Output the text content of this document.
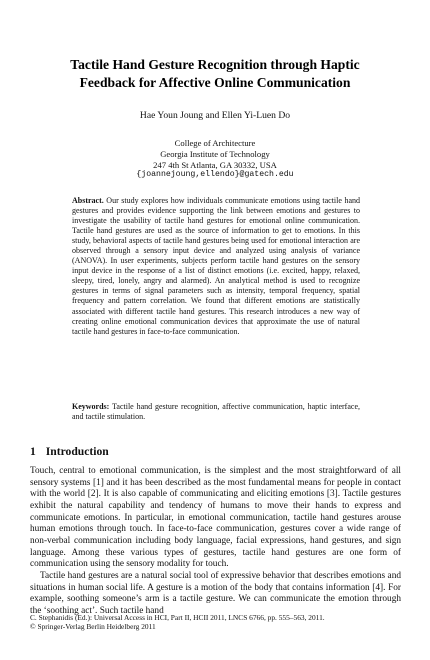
Tactile Hand Gesture Recognition through Haptic
Feedback for Affective Online Communication
Hae Youn Joung and Ellen Yi-Luen Do
College of Architecture
Georgia Institute of Technology
247 4th St Atlanta, GA 30332, USA
{joannejoung,ellendo}@gatech.edu
Abstract. Our study explores how individuals communicate emotions using tactile hand gestures and provides evidence supporting the link between emotions and gestures to investigate the usability of tactile hand gestures for emotional online communication. Tactile hand gestures are used as the source of information to get to emotions. In this study, behavioral aspects of tactile hand gestures being used for emotional interaction are observed through a sensory input device and analyzed using analysis of variance (ANOVA). In user experiments, subjects perform tactile hand gestures on the sensory input device in the response of a list of distinct emotions (i.e. excited, happy, relaxed, sleepy, tired, lonely, angry and alarmed). An analytical method is used to recognize gestures in terms of signal parameters such as intensity, temporal frequency, spatial frequency and pattern correlation. We found that different emotions are statistically associated with different tactile hand gestures. This research introduces a new way of creating online emotional communication devices that approximate the use of natural tactile hand gestures in face-to-face communication.
Keywords: Tactile hand gesture recognition, affective communication, haptic interface, and tactile stimulation.
1 Introduction

Touch, central to emotional communication, is the simplest and the most straightforward of all sensory systems [1] and it has been described as the most fundamental means for people in contact with the world [2]. It is also capable of communicating and eliciting emotions [3]. Tactile gestures exhibit the natural capability and tendency of humans to move their hands to express and communicate emotions. In particular, in emotional communication, tactile hand gestures arouse human emotions through touch. In face-to-face communication, gestures cover a wide range of non-verbal communication including body language, facial expressions, hand gestures, and sign language. Among these various types of gestures, tactile hand gestures are one form of communication using the sensory modality for touch.

Tactile hand gestures are a natural social tool of expressive behavior that describes emotions and situations in human social life. A gesture is a motion of the body that contains information [4]. For example, soothing someone’s arm is a tactile gesture. We can communicate the emotion through the ‘soothing act’. Such tactile hand

C. Stephanidis (Ed.): Universal Access in HCI, Part II, HCII 2011, LNCS 6766, pp. 555–563, 2011.
© Springer-Verlag Berlin Heidelberg 2011
